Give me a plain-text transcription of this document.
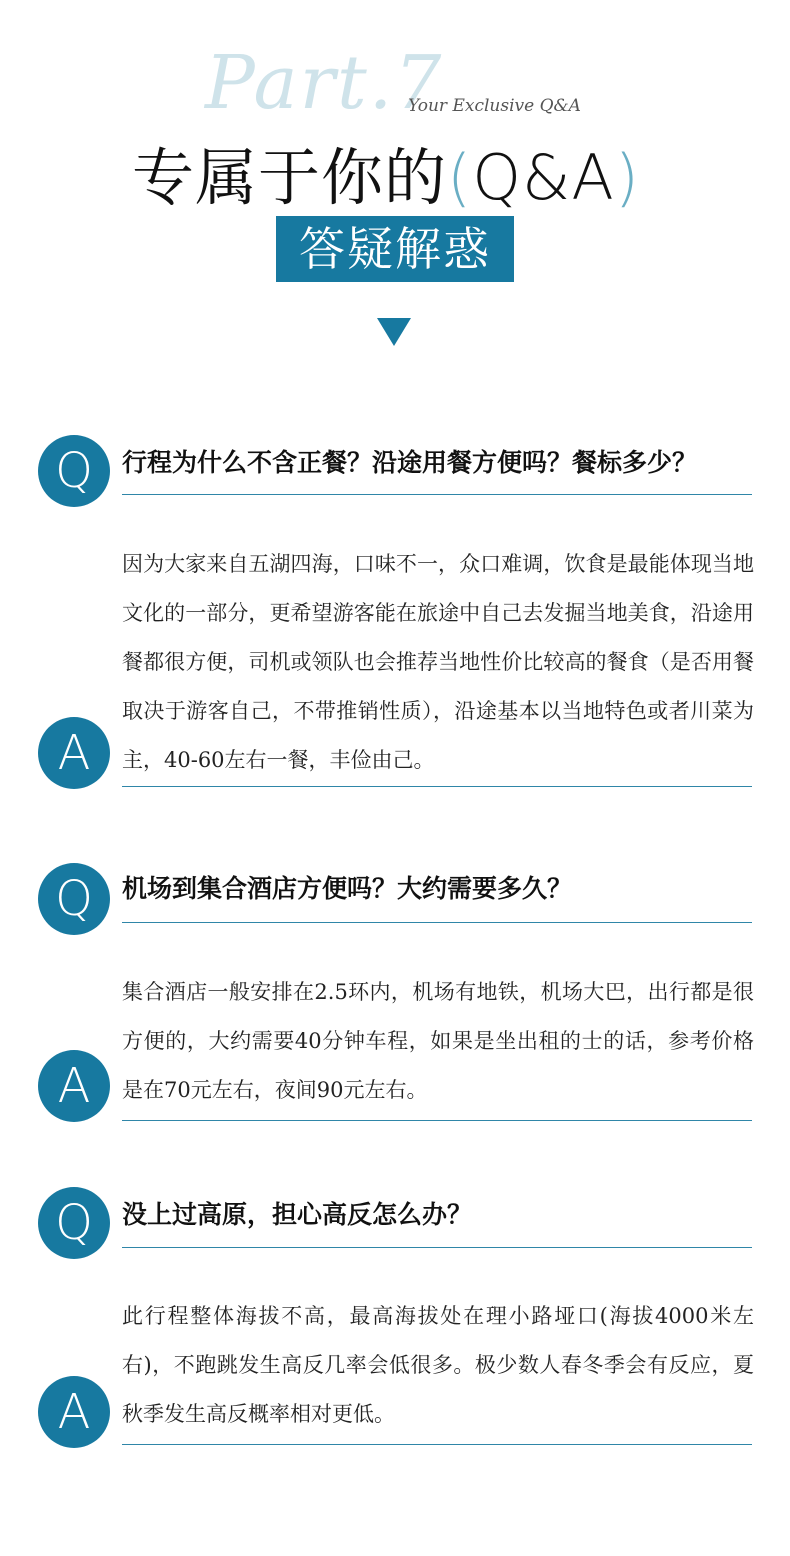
Part.7
Your Exclusive Q&A
专属于你的(Q&A)
答疑解惑
Q	行程为什么不含正餐？沿途用餐方便吗？餐标多少？
因为大家来自五湖四海，口味不一，众口难调，饮食是最能体现当地文化的一部分，更希望游客能在旅途中自己去发掘当地美食，沿途用餐都很方便，司机或领队也会推荐当地性价比较高的餐食（是否用餐取决于游客自己，不带推销性质），沿途基本以当地特色或者川菜为主，40-60左右一餐，丰俭由己。
A
Q	机场到集合酒店方便吗？大约需要多久？
集合酒店一般安排在2.5环内，机场有地铁，机场大巴，出行都是很方便的，大约需要40分钟车程，如果是坐出租的士的话，参考价格是在70元左右，夜间90元左右。
A
Q	没上过高原，担心高反怎么办？
此行程整体海拔不高，最高海拔处在理小路垭口(海拔4000米左右)，不跑跳发生高反几率会低很多。极少数人春冬季会有反应，夏秋季发生高反概率相对更低。
A
